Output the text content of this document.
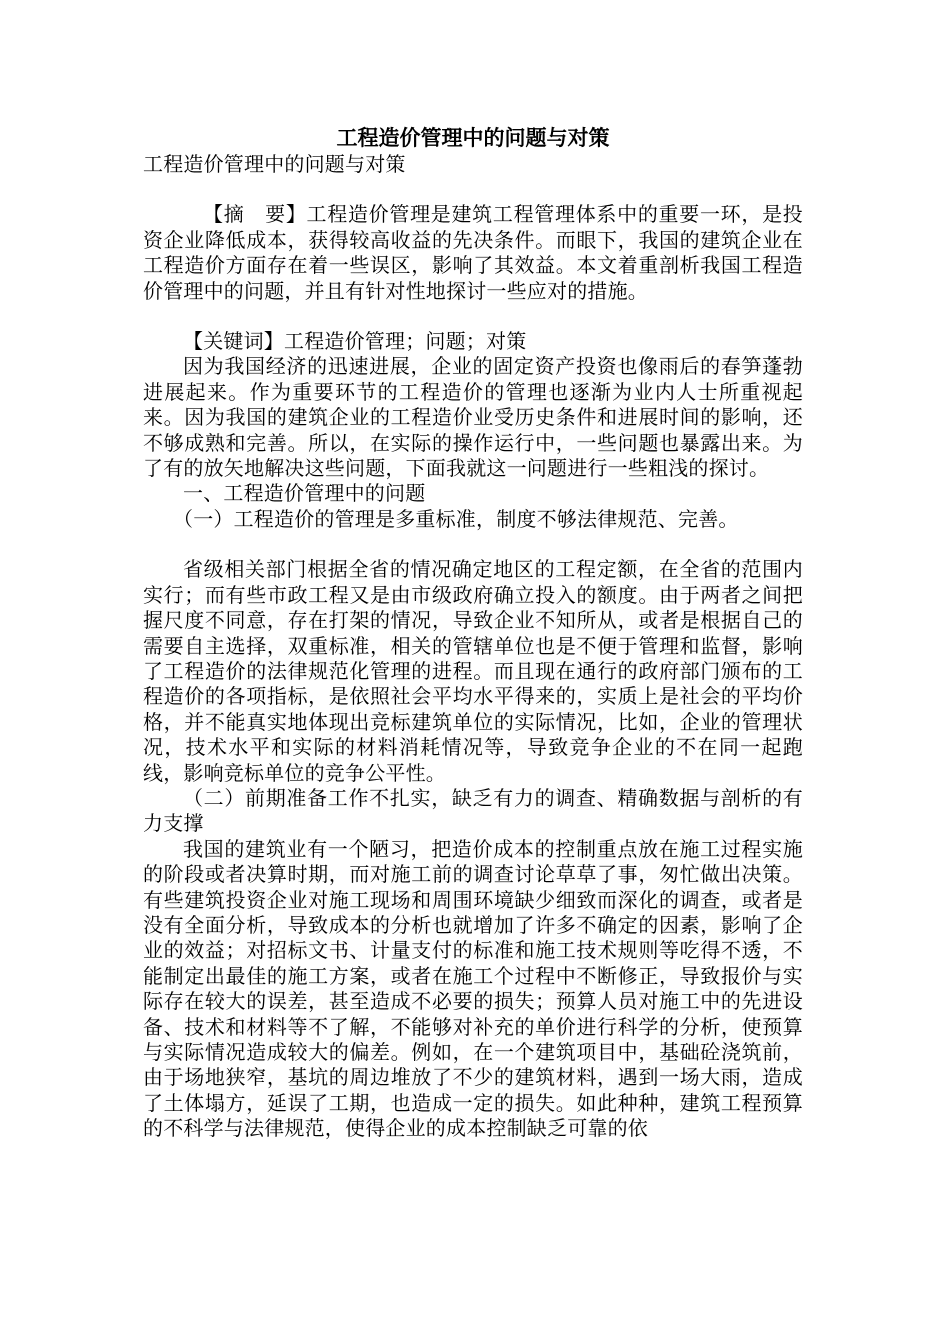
工程造价管理中的问题与对策

工程造价管理中的问题与对策

【摘　要】工程造价管理是建筑工程管理体系中的重要一环，是投资企业降低成本，获得较高收益的先决条件。而眼下，我国的建筑企业在工程造价方面存在着一些误区，影响了其效益。本文着重剖析我国工程造价管理中的问题，并且有针对性地探讨一些应对的措施。

【关键词】工程造价管理；问题；对策

因为我国经济的迅速进展，企业的固定资产投资也像雨后的春笋蓬勃进展起来。作为重要环节的工程造价的管理也逐渐为业内人士所重视起来。因为我国的建筑企业的工程造价业受历史条件和进展时间的影响，还不够成熟和完善。所以，在实际的操作运行中，一些问题也暴露出来。为了有的放矢地解决这些问题，下面我就这一问题进行一些粗浅的探讨。

一、工程造价管理中的问题

（一）工程造价的管理是多重标准，制度不够法律规范、完善。

省级相关部门根据全省的情况确定地区的工程定额，在全省的范围内实行；而有些市政工程又是由市级政府确立投入的额度。由于两者之间把握尺度不同意，存在打架的情况，导致企业不知所从，或者是根据自己的需要自主选择，双重标准，相关的管辖单位也是不便于管理和监督，影响了工程造价的法律规范化管理的进程。而且现在通行的政府部门颁布的工程造价的各项指标，是依照社会平均水平得来的，实质上是社会的平均价格，并不能真实地体现出竞标建筑单位的实际情况，比如，企业的管理状况，技术水平和实际的材料消耗情况等，导致竞争企业的不在同一起跑线，影响竞标单位的竞争公平性。

（二）前期准备工作不扎实，缺乏有力的调查、精确数据与剖析的有力支撑

我国的建筑业有一个陋习，把造价成本的控制重点放在施工过程实施的阶段或者决算时期，而对施工前的调查讨论草草了事，匆忙做出决策。有些建筑投资企业对施工现场和周围环境缺少细致而深化的调查，或者是没有全面分析，导致成本的分析也就增加了许多不确定的因素，影响了企业的效益；对招标文书、计量支付的标准和施工技术规则等吃得不透，不能制定出最佳的施工方案，或者在施工个过程中不断修正，导致报价与实际存在较大的误差，甚至造成不必要的损失；预算人员对施工中的先进设备、技术和材料等不了解，不能够对补充的单价进行科学的分析，使预算与实际情况造成较大的偏差。例如，在一个建筑项目中，基础砼浇筑前，由于场地狭窄，基坑的周边堆放了不少的建筑材料，遇到一场大雨，造成了土体塌方，延误了工期，也造成一定的损失。如此种种，建筑工程预算的不科学与法律规范，使得企业的成本控制缺乏可靠的依
